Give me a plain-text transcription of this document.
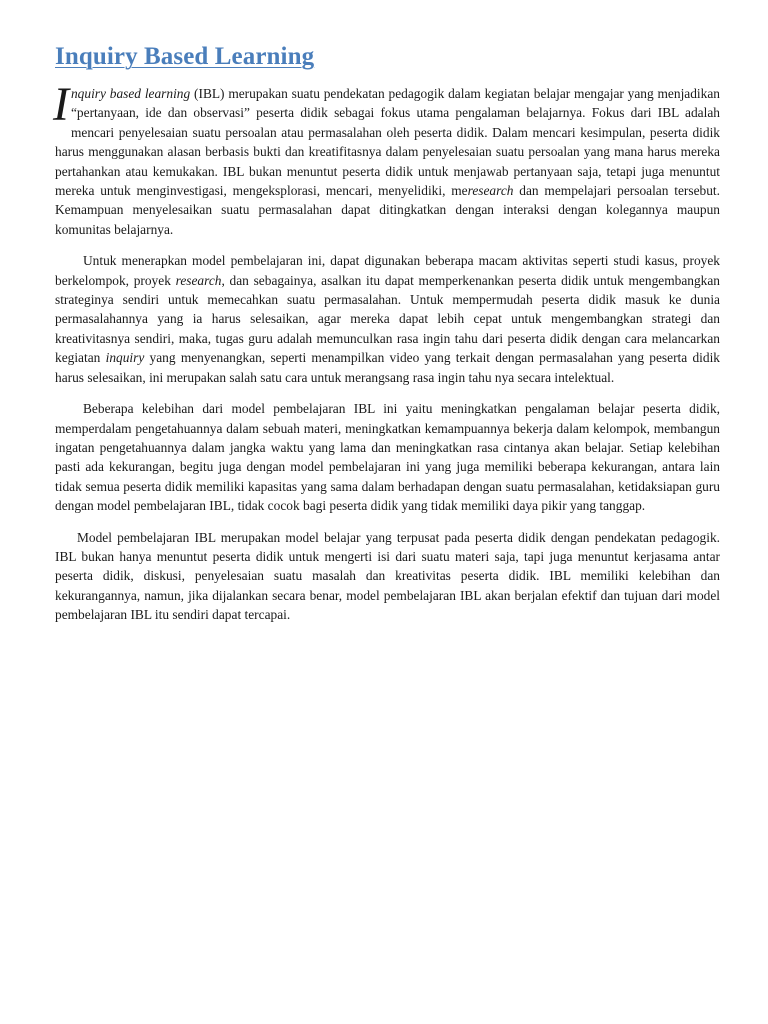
Inquiry Based Learning

Inquiry based learning (IBL) merupakan suatu pendekatan pedagogik dalam kegiatan belajar mengajar yang menjadikan “pertanyaan, ide dan observasi” peserta didik sebagai fokus utama pengalaman belajarnya. Fokus dari IBL adalah mencari penyelesaian suatu persoalan atau permasalahan oleh peserta didik. Dalam mencari kesimpulan, peserta didik harus menggunakan alasan berbasis bukti dan kreatifitasnya dalam penyelesaian suatu persoalan yang mana harus mereka pertahankan atau kemukakan. IBL bukan menuntut peserta didik untuk menjawab pertanyaan saja, tetapi juga menuntut mereka untuk menginvestigasi, mengeksplorasi, mencari, menyelidiki, meresearch dan mempelajari persoalan tersebut. Kemampuan menyelesaikan suatu permasalahan dapat ditingkatkan dengan interaksi dengan kolegannya maupun komunitas belajarnya.

Untuk menerapkan model pembelajaran ini, dapat digunakan beberapa macam aktivitas seperti studi kasus, proyek berkelompok, proyek research, dan sebagainya, asalkan itu dapat memperkenankan peserta didik untuk mengembangkan strateginya sendiri untuk memecahkan suatu permasalahan. Untuk mempermudah peserta didik masuk ke dunia permasalahannya yang ia harus selesaikan, agar mereka dapat lebih cepat untuk mengembangkan strategi dan kreativitasnya sendiri, maka, tugas guru adalah memunculkan rasa ingin tahu dari peserta didik dengan cara melancarkan kegiatan inquiry yang menyenangkan, seperti menampilkan video yang terkait dengan permasalahan yang peserta didik harus selesaikan, ini merupakan salah satu cara untuk merangsang rasa ingin tahu nya secara intelektual.

Beberapa kelebihan dari model pembelajaran IBL ini yaitu meningkatkan pengalaman belajar peserta didik, memperdalam pengetahuannya dalam sebuah materi, meningkatkan kemampuannya bekerja dalam kelompok, membangun ingatan pengetahuannya dalam jangka waktu yang lama dan meningkatkan rasa cintanya akan belajar. Setiap kelebihan pasti ada kekurangan, begitu juga dengan model pembelajaran ini yang juga memiliki beberapa kekurangan, antara lain tidak semua peserta didik memiliki kapasitas yang sama dalam berhadapan dengan suatu permasalahan, ketidaksiapan guru dengan model pembelajaran IBL, tidak cocok bagi peserta didik yang tidak memiliki daya pikir yang tanggap.

Model pembelajaran IBL merupakan model belajar yang terpusat pada peserta didik dengan pendekatan pedagogik. IBL bukan hanya menuntut peserta didik untuk mengerti isi dari suatu materi saja, tapi juga menuntut kerjasama antar peserta didik, diskusi, penyelesaian suatu masalah dan kreativitas peserta didik. IBL memiliki kelebihan dan kekurangannya, namun, jika dijalankan secara benar, model pembelajaran IBL akan berjalan efektif dan tujuan dari model pembelajaran IBL itu sendiri dapat tercapai.
